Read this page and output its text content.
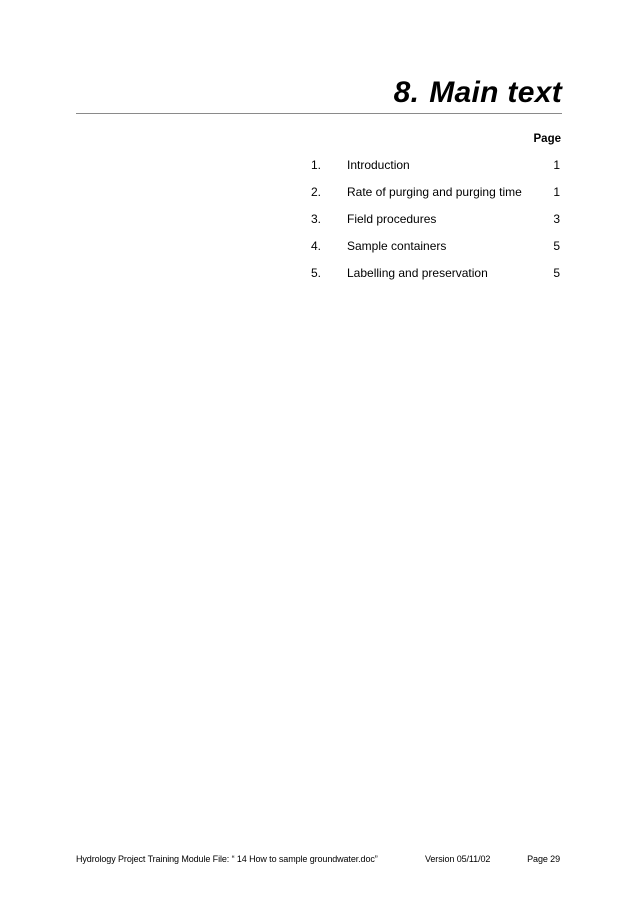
8. Main text
Page
1. Introduction	1
2. Rate of purging and purging time	1
3. Field procedures	3
4. Sample containers	5
5. Labelling and preservation	5
Hydrology Project Training Module File: “ 14 How to sample groundwater.doc”	Version 05/11/02	Page 29
